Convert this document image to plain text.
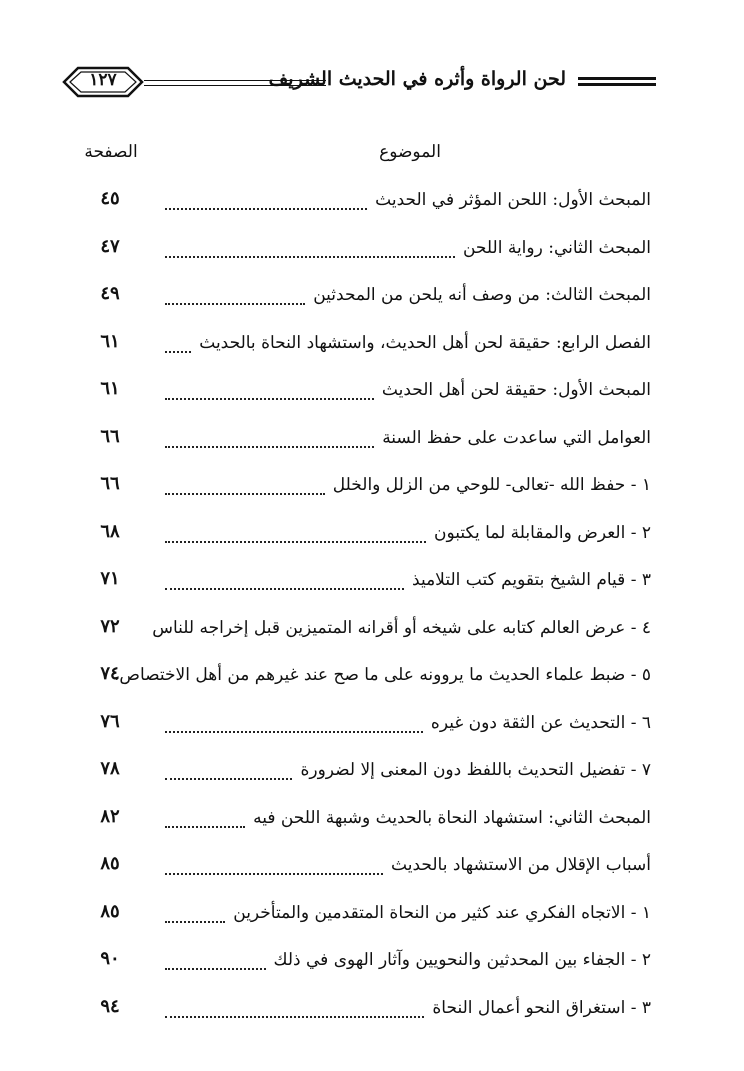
لحن الرواة وأثره في الحديث الشريف
١٢٧
الموضوع
الصفحة
المبحث الأول: اللحن المؤثر في الحديث
٤٥
المبحث الثاني: رواية اللحن
٤٧
المبحث الثالث: من وصف أنه يلحن من المحدثين
٤٩
الفصل الرابع: حقيقة لحن أهل الحديث، واستشهاد النحاة بالحديث
٦١
المبحث الأول: حقيقة لحن أهل الحديث
٦١
العوامل التي ساعدت على حفظ السنة
٦٦
١ - حفظ الله -تعالى- للوحي من الزلل والخلل
٦٦
٢ - العرض والمقابلة لما يكتبون
٦٨
٣ - قيام الشيخ بتقويم كتب التلاميذ
٧١
٤ - عرض العالم كتابه على شيخه أو أقرانه المتميزين قبل إخراجه للناس
٧٢
٥ - ضبط علماء الحديث ما يروونه على ما صح عند غيرهم من أهل الاختصاص.
٧٤
٦ - التحديث عن الثقة دون غيره
٧٦
٧ - تفضيل التحديث باللفظ دون المعنى إلا لضرورة
٧٨
المبحث الثاني: استشهاد النحاة بالحديث وشبهة اللحن فيه
٨٢
أسباب الإقلال من الاستشهاد بالحديث
٨٥
١ - الاتجاه الفكري عند كثير من النحاة المتقدمين والمتأخرين
٨٥
٢ - الجفاء بين المحدثين والنحويين وآثار الهوى في ذلك
٩٠
٣ - استغراق النحو أعمال النحاة
٩٤
